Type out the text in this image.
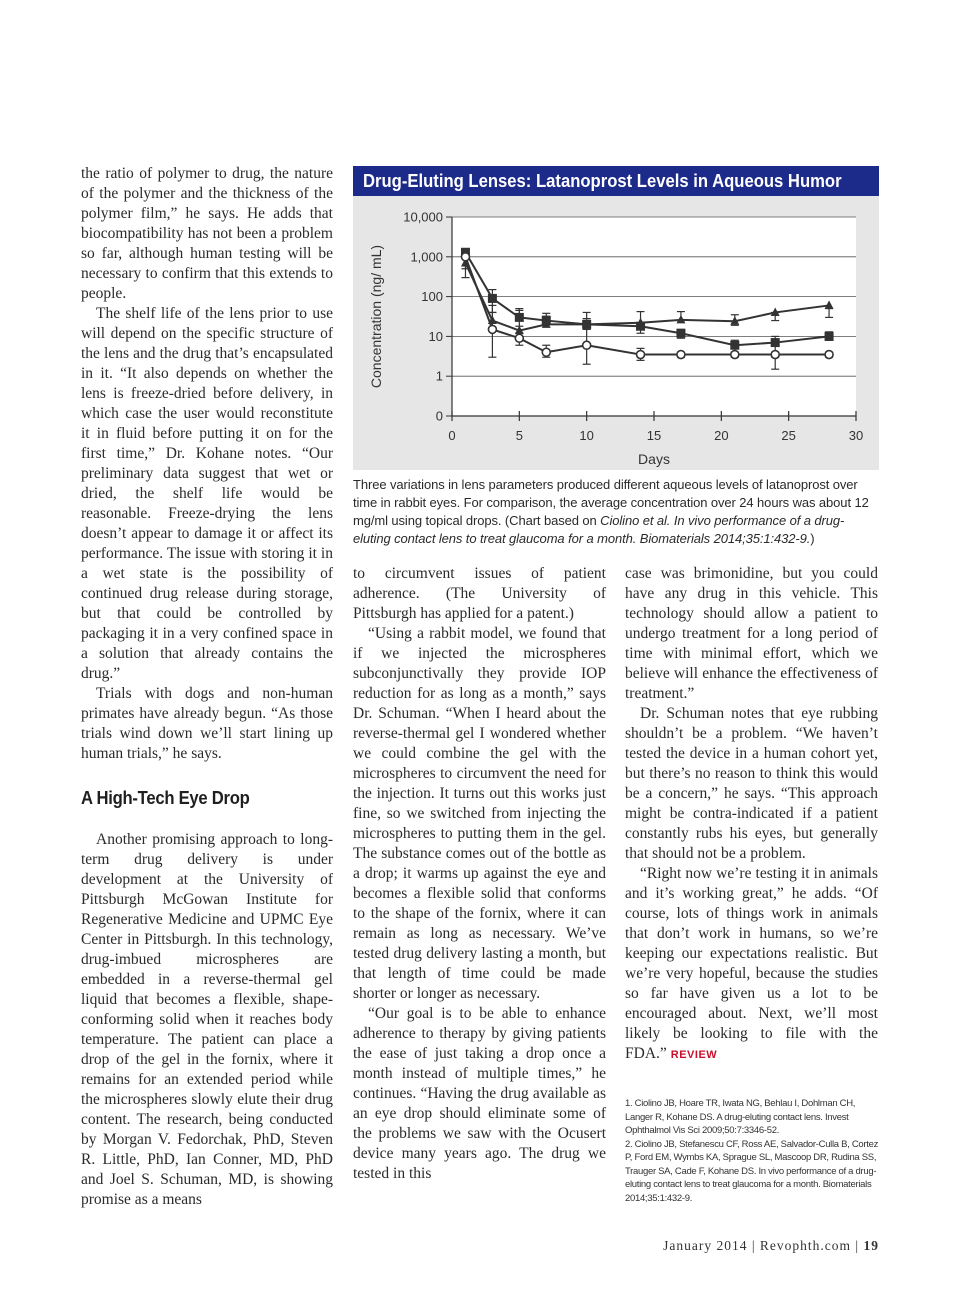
the ratio of polymer to drug, the nature of the polymer and the thickness of the polymer film,” he says. He adds that biocompatibility has not been a problem so far, although human testing will be necessary to confirm that this extends to people.

The shelf life of the lens prior to use will depend on the specific structure of the lens and the drug that’s encapsulated in it. “It also depends on whether the lens is freeze-dried before delivery, in which case the user would reconstitute it in fluid before putting it on for the first time,” Dr. Kohane notes. “Our preliminary data suggest that wet or dried, the shelf life would be reasonable. Freeze-drying the lens doesn’t appear to damage it or affect its performance. The issue with storing it in a wet state is the possibility of continued drug release during storage, but that could be controlled by packaging it in a very confined space in a solution that already contains the drug.”

Trials with dogs and non-human primates have already begun. “As those trials wind down we’ll start lining up human trials,” he says.

A High-Tech Eye Drop

Another promising approach to long-term drug delivery is under development at the University of Pittsburgh McGowan Institute for Regenerative Medicine and UPMC Eye Center in Pittsburgh. In this technology, drug-imbued microspheres are embedded in a reverse-thermal gel liquid that becomes a flexible, shape-conforming solid when it reaches body temperature. The patient can place a drop of the gel in the fornix, where it remains for an extended period while the microspheres slowly elute their drug content. The research, being conducted by Morgan V. Fedorchak, PhD, Steven R. Little, PhD, Ian Conner, MD, PhD and Joel S. Schuman, MD, is showing promise as a means

Drug-Eluting Lenses: Latanoprost Levels in Aqueous Humor
0
1
10
100
1,000
10,000
0	5	10	15	20	25	30
Days
Concentration (ng/ mL)
Three variations in lens parameters produced different aqueous levels of latanoprost over time in rabbit eyes. For comparison, the average concentration over 24 hours was about 12 mg/ml using topical drops. (Chart based on Ciolino et al. In vivo performance of a drug-eluting contact lens to treat glaucoma for a month. Biomaterials 2014;35:1:432-9.)

to circumvent issues of patient adherence. (The University of Pittsburgh has applied for a patent.)

“Using a rabbit model, we found that if we injected the microspheres subconjunctivally they provide IOP reduction for as long as a month,” says Dr. Schuman. “When I heard about the reverse-thermal gel I wondered whether we could combine the gel with the microspheres to circumvent the need for the injection. It turns out this works just fine, so we switched from injecting the microspheres to putting them in the gel. The substance comes out of the bottle as a drop; it warms up against the eye and becomes a flexible solid that conforms to the shape of the fornix, where it can remain as long as necessary. We’ve tested drug delivery lasting a month, but that length of time could be made shorter or longer as necessary.

“Our goal is to be able to enhance adherence to therapy by giving patients the ease of just taking a drop once a month instead of multiple times,” he continues. “Having the drug available as an eye drop should eliminate some of the problems we saw with the Ocusert device many years ago. The drug we tested in this

case was brimonidine, but you could have any drug in this vehicle. This technology should allow a patient to undergo treatment for a long period of time with minimal effort, which we believe will enhance the effectiveness of treatment.”

Dr. Schuman notes that eye rubbing shouldn’t be a problem. “We haven’t tested the device in a human cohort yet, but there’s no reason to think this would be a concern,” he says. “This approach might be contra-indicated if a patient constantly rubs his eyes, but generally that should not be a problem.

“Right now we’re testing it in animals and it’s working great,” he adds. “Of course, lots of things work in animals that don’t work in humans, so we’re keeping our expectations realistic. But we’re very hopeful, because the studies so far have given us a lot to be encouraged about. Next, we’ll most likely be looking to file with the FDA.” REVIEW

1. Ciolino JB, Hoare TR, Iwata NG, Behlau I, Dohlman CH, Langer R, Kohane DS. A drug-eluting contact lens. Invest Ophthalmol Vis Sci 2009;50:7:3346-52.

2. Ciolino JB, Stefanescu CF, Ross AE, Salvador-Culla B, Cortez P, Ford EM, Wymbs KA, Sprague SL, Mascoop DR, Rudina SS, Trauger SA, Cade F, Kohane DS. In vivo performance of a drug-eluting contact lens to treat glaucoma for a month. Biomaterials 2014;35:1:432-9.

January 2014 | Revophth.com | 19
